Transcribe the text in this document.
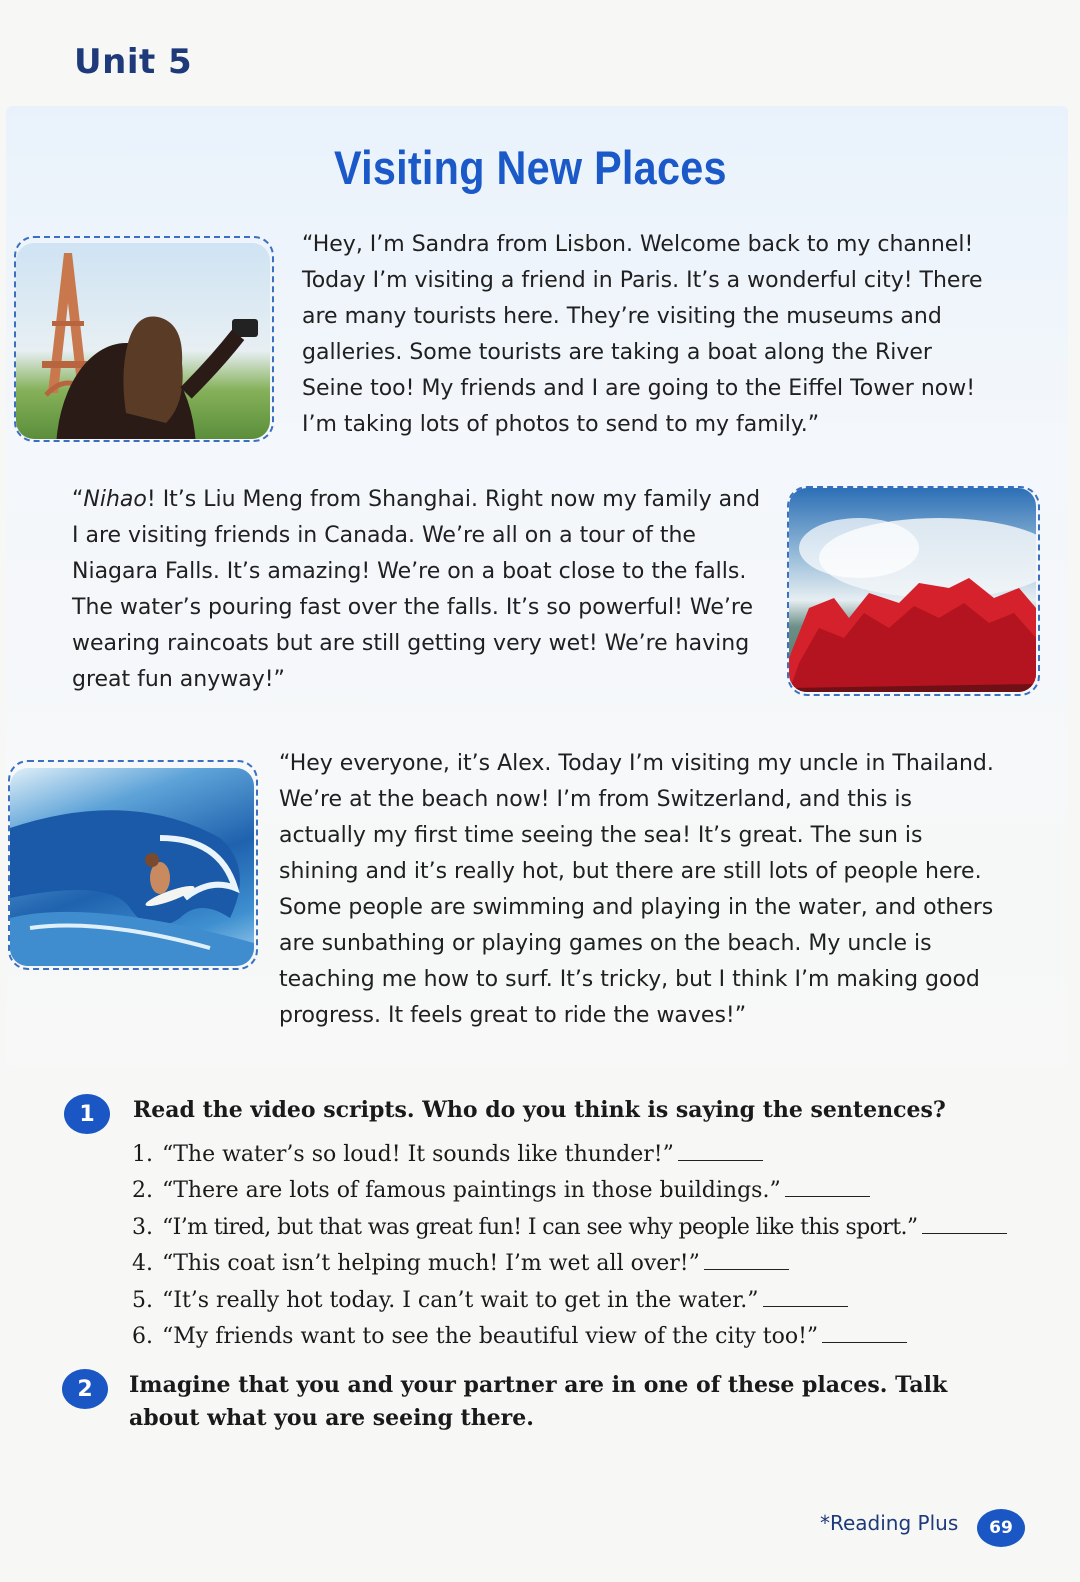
Unit 5
Visiting New Places

“Hey, I’m Sandra from Lisbon. Welcome back to my channel! Today I’m visiting a friend in Paris. It’s a wonderful city! There are many tourists here. They’re visiting the museums and galleries. Some tourists are taking a boat along the River Seine too! My friends and I are going to the Eiffel Tower now! I’m taking lots of photos to send to my family.”

“Nihao! It’s Liu Meng from Shanghai. Right now my family and I are visiting friends in Canada. We’re all on a tour of the Niagara Falls. It’s amazing! We’re on a boat close to the falls. The water’s pouring fast over the falls. It’s so powerful! We’re wearing raincoats but are still getting very wet! We’re having great fun anyway!”

“Hey everyone, it’s Alex. Today I’m visiting my uncle in Thailand. We’re at the beach now! I’m from Switzerland, and this is actually my first time seeing the sea! It’s great. The sun is shining and it’s really hot, but there are still lots of people here. Some people are swimming and playing in the water, and others are sunbathing or playing games on the beach. My uncle is teaching me how to surf. It’s tricky, but I think I’m making good progress. It feels great to ride the waves!”

1	Read the video scripts. Who do you think is saying the sentences?

1. “The water’s so loud! It sounds like thunder!”
2. “There are lots of famous paintings in those buildings.”
3. “I’m tired, but that was great fun! I can see why people like this sport.”
4. “This coat isn’t helping much! I’m wet all over!”
5. “It’s really hot today. I can’t wait to get in the water.”
6. “My friends want to see the beautiful view of the city too!”
2	Imagine that you and your partner are in one of these places. Talk about what you are seeing there.

*Reading Plus	69
